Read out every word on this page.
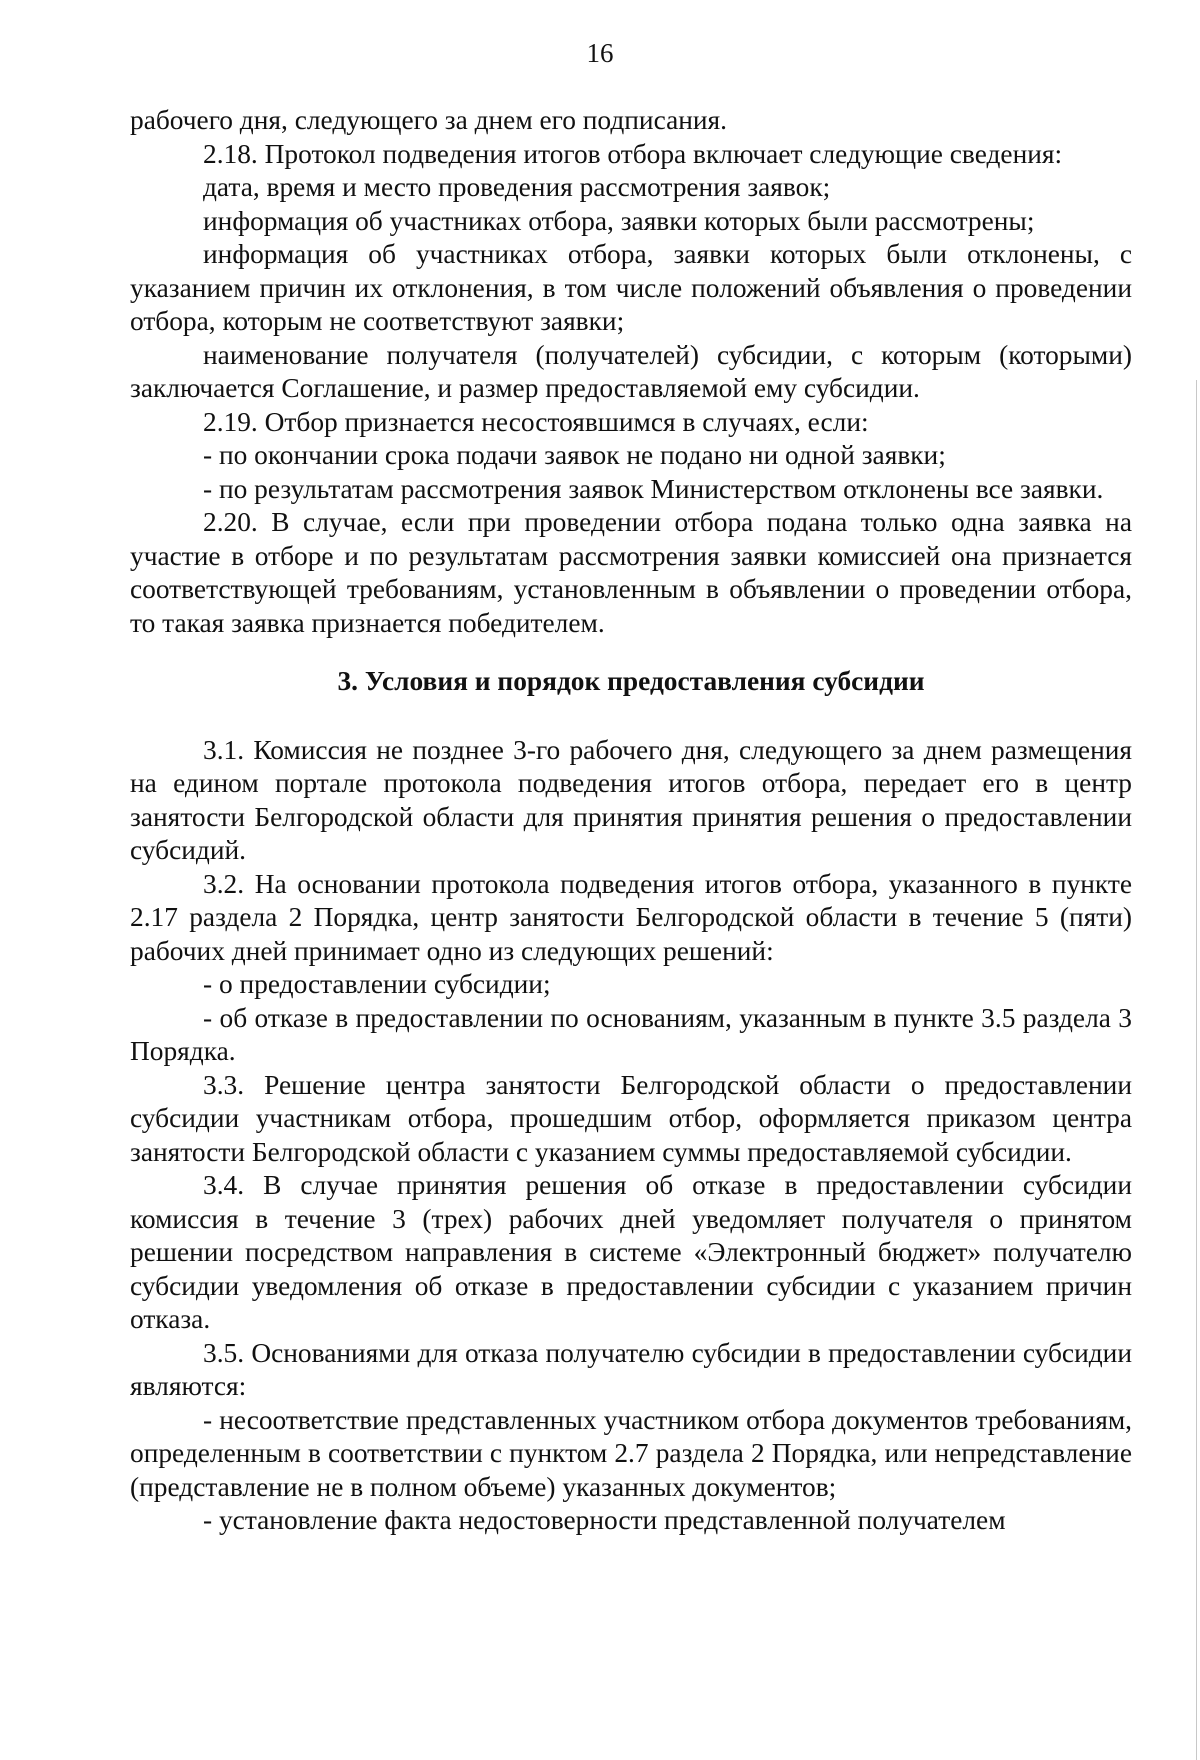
16

рабочего дня, следующего за днем его подписания.

2.18. Протокол подведения итогов отбора включает следующие сведения:

дата, время и место проведения рассмотрения заявок;

информация об участниках отбора, заявки которых были рассмотрены;

информация об участниках отбора, заявки которых были отклонены, с указанием причин их отклонения, в том числе положений объявления о проведении отбора, которым не соответствуют заявки;

наименование получателя (получателей) субсидии, с которым (которыми) заключается Соглашение, и размер предоставляемой ему субсидии.

2.19. Отбор признается несостоявшимся в случаях, если:

- по окончании срока подачи заявок не подано ни одной заявки;

- по результатам рассмотрения заявок Министерством отклонены все заявки.

2.20. В случае, если при проведении отбора подана только одна заявка на участие в отборе и по результатам рассмотрения заявки комиссией она признается соответствующей требованиям, установленным в объявлении о проведении отбора, то такая заявка признается победителем.

3. Условия и порядок предоставления субсидии

3.1. Комиссия не позднее 3-го рабочего дня, следующего за днем размещения на едином портале протокола подведения итогов отбора, передает его в центр занятости Белгородской области для принятия принятия решения о предоставлении субсидий.

3.2. На основании протокола подведения итогов отбора, указанного в пункте 2.17 раздела 2 Порядка, центр занятости Белгородской области в течение 5 (пяти) рабочих дней принимает одно из следующих решений:

- о предоставлении субсидии;

- об отказе в предоставлении по основаниям, указанным в пункте 3.5 раздела 3 Порядка.

3.3. Решение центра занятости Белгородской области о предоставлении субсидии участникам отбора, прошедшим отбор, оформляется приказом центра занятости Белгородской области с указанием суммы предоставляемой субсидии.

3.4. В случае принятия решения об отказе в предоставлении субсидии комиссия в течение 3 (трех) рабочих дней уведомляет получателя о принятом решении посредством направления в системе «Электронный бюджет» получателю субсидии уведомления об отказе в предоставлении субсидии с указанием причин отказа.

3.5. Основаниями для отказа получателю субсидии в предоставлении субсидии являются:

- несоответствие представленных участником отбора документов требованиям, определенным в соответствии с пунктом 2.7 раздела 2 Порядка, или непредставление (представление не в полном объеме) указанных документов;

- установление факта недостоверности представленной получателем
